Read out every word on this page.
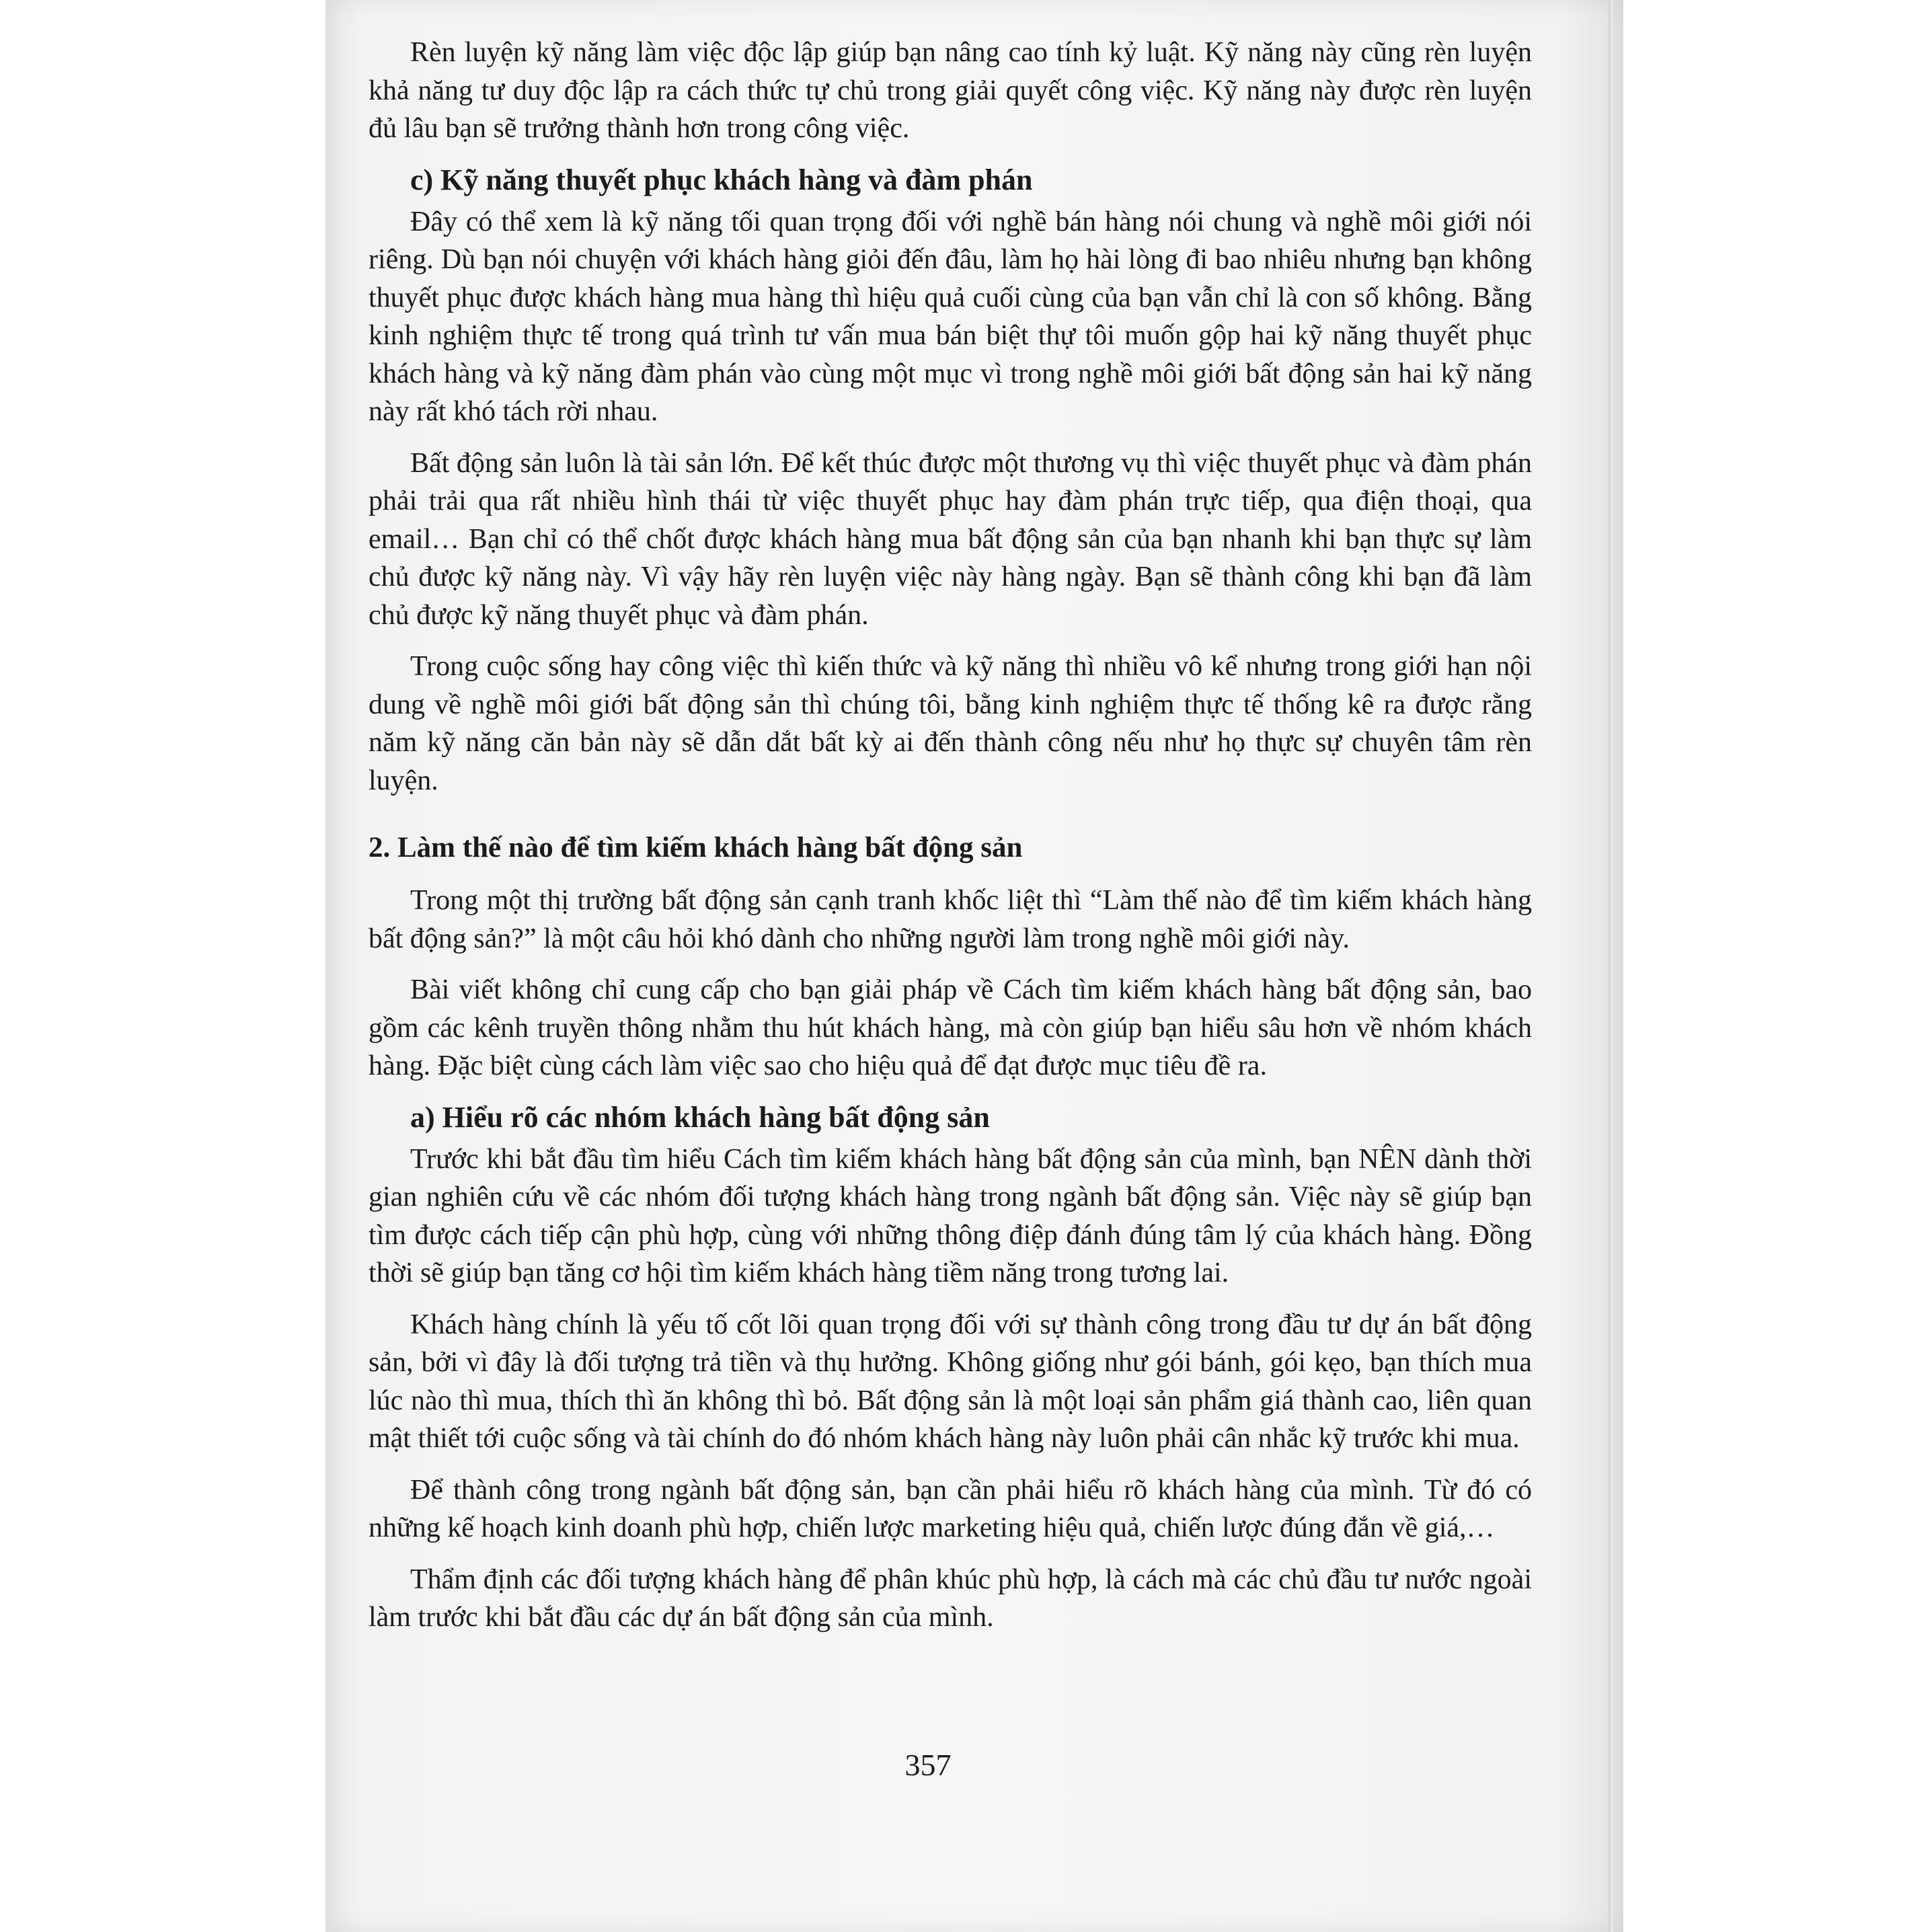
Rèn luyện kỹ năng làm việc độc lập giúp bạn nâng cao tính kỷ luật. Kỹ năng này cũng rèn luyện khả năng tư duy độc lập ra cách thức tự chủ trong giải quyết công việc. Kỹ năng này được rèn luyện đủ lâu bạn sẽ trưởng thành hơn trong công việc.

c) Kỹ năng thuyết phục khách hàng và đàm phán

Đây có thể xem là kỹ năng tối quan trọng đối với nghề bán hàng nói chung và nghề môi giới nói riêng. Dù bạn nói chuyện với khách hàng giỏi đến đâu, làm họ hài lòng đi bao nhiêu nhưng bạn không thuyết phục được khách hàng mua hàng thì hiệu quả cuối cùng của bạn vẫn chỉ là con số không. Bằng kinh nghiệm thực tế trong quá trình tư vấn mua bán biệt thự tôi muốn gộp hai kỹ năng thuyết phục khách hàng và kỹ năng đàm phán vào cùng một mục vì trong nghề môi giới bất động sản hai kỹ năng này rất khó tách rời nhau.

Bất động sản luôn là tài sản lớn. Để kết thúc được một thương vụ thì việc thuyết phục và đàm phán phải trải qua rất nhiều hình thái từ việc thuyết phục hay đàm phán trực tiếp, qua điện thoại, qua email… Bạn chỉ có thể chốt được khách hàng mua bất động sản của bạn nhanh khi bạn thực sự làm chủ được kỹ năng này. Vì vậy hãy rèn luyện việc này hàng ngày. Bạn sẽ thành công khi bạn đã làm chủ được kỹ năng thuyết phục và đàm phán.

Trong cuộc sống hay công việc thì kiến thức và kỹ năng thì nhiều vô kể nhưng trong giới hạn nội dung về nghề môi giới bất động sản thì chúng tôi, bằng kinh nghiệm thực tế thống kê ra được rằng năm kỹ năng căn bản này sẽ dẫn dắt bất kỳ ai đến thành công nếu như họ thực sự chuyên tâm rèn luyện.

2. Làm thế nào để tìm kiếm khách hàng bất động sản

Trong một thị trường bất động sản cạnh tranh khốc liệt thì “Làm thế nào để tìm kiếm khách hàng bất động sản?” là một câu hỏi khó dành cho những người làm trong nghề môi giới này.

Bài viết không chỉ cung cấp cho bạn giải pháp về Cách tìm kiếm khách hàng bất động sản, bao gồm các kênh truyền thông nhằm thu hút khách hàng, mà còn giúp bạn hiểu sâu hơn về nhóm khách hàng. Đặc biệt cùng cách làm việc sao cho hiệu quả để đạt được mục tiêu đề ra.

a) Hiểu rõ các nhóm khách hàng bất động sản

Trước khi bắt đầu tìm hiểu Cách tìm kiếm khách hàng bất động sản của mình, bạn NÊN dành thời gian nghiên cứu về các nhóm đối tượng khách hàng trong ngành bất động sản. Việc này sẽ giúp bạn tìm được cách tiếp cận phù hợp, cùng với những thông điệp đánh đúng tâm lý của khách hàng. Đồng thời sẽ giúp bạn tăng cơ hội tìm kiếm khách hàng tiềm năng trong tương lai.

Khách hàng chính là yếu tố cốt lõi quan trọng đối với sự thành công trong đầu tư dự án bất động sản, bởi vì đây là đối tượng trả tiền và thụ hưởng. Không giống như gói bánh, gói kẹo, bạn thích mua lúc nào thì mua, thích thì ăn không thì bỏ. Bất động sản là một loại sản phẩm giá thành cao, liên quan mật thiết tới cuộc sống và tài chính do đó nhóm khách hàng này luôn phải cân nhắc kỹ trước khi mua.

Để thành công trong ngành bất động sản, bạn cần phải hiểu rõ khách hàng của mình. Từ đó có những kế hoạch kinh doanh phù hợp, chiến lược marketing hiệu quả, chiến lược đúng đắn về giá,…

Thẩm định các đối tượng khách hàng để phân khúc phù hợp, là cách mà các chủ đầu tư nước ngoài làm trước khi bắt đầu các dự án bất động sản của mình.

357
